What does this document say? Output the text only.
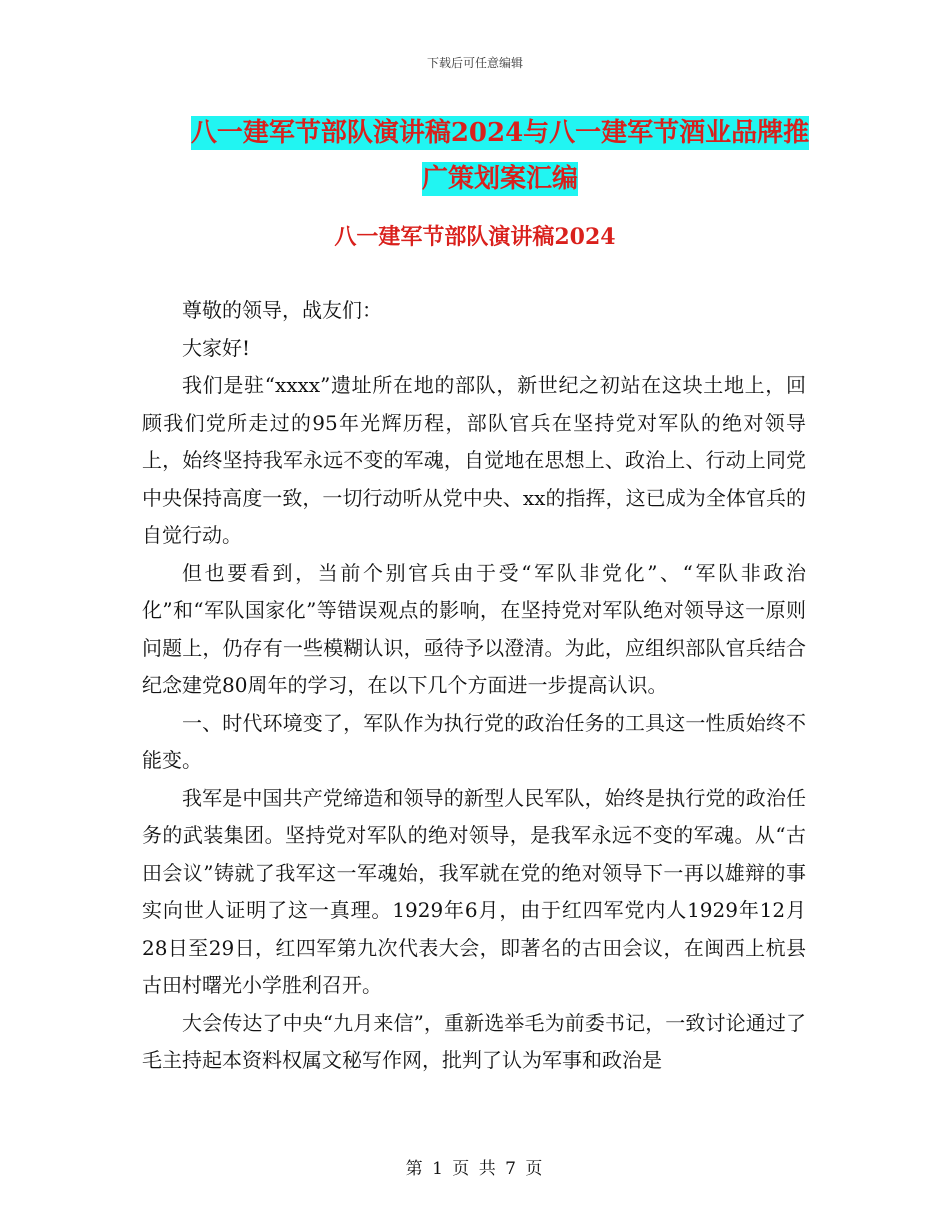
下载后可任意编辑
八一建军节部队演讲稿2024与八一建军节酒业品牌推
广策划案汇编
八一建军节部队演讲稿2024

尊敬的领导，战友们：

大家好!

我们是驻“xxxx”遗址所在地的部队，新世纪之初站在这块土地上，回顾我们党所走过的95年光辉历程，部队官兵在坚持党对军队的绝对领导上，始终坚持我军永远不变的军魂，自觉地在思想上、政治上、行动上同党中央保持高度一致，一切行动听从党中央、xx的指挥，这已成为全体官兵的自觉行动。

但也要看到，当前个别官兵由于受“军队非党化”、“军队非政治化”和“军队国家化”等错误观点的影响，在坚持党对军队绝对领导这一原则问题上，仍存有一些模糊认识，亟待予以澄清。为此，应组织部队官兵结合纪念建党80周年的学习，在以下几个方面进一步提高认识。

一、时代环境变了，军队作为执行党的政治任务的工具这一性质始终不能变。

我军是中国共产党缔造和领导的新型人民军队，始终是执行党的政治任务的武装集团。坚持党对军队的绝对领导，是我军永远不变的军魂。从“古田会议”铸就了我军这一军魂始，我军就在党的绝对领导下一再以雄辩的事实向世人证明了这一真理。1929年6月，由于红四军党内人1929年12月28日至29日，红四军第九次代表大会，即著名的古田会议，在闽西上杭县古田村曙光小学胜利召开。

大会传达了中央“九月来信”，重新选举毛为前委书记，一致讨论通过了毛主持起本资料权属文秘写作网，批判了认为军事和政治是

第 1 页 共 7 页
